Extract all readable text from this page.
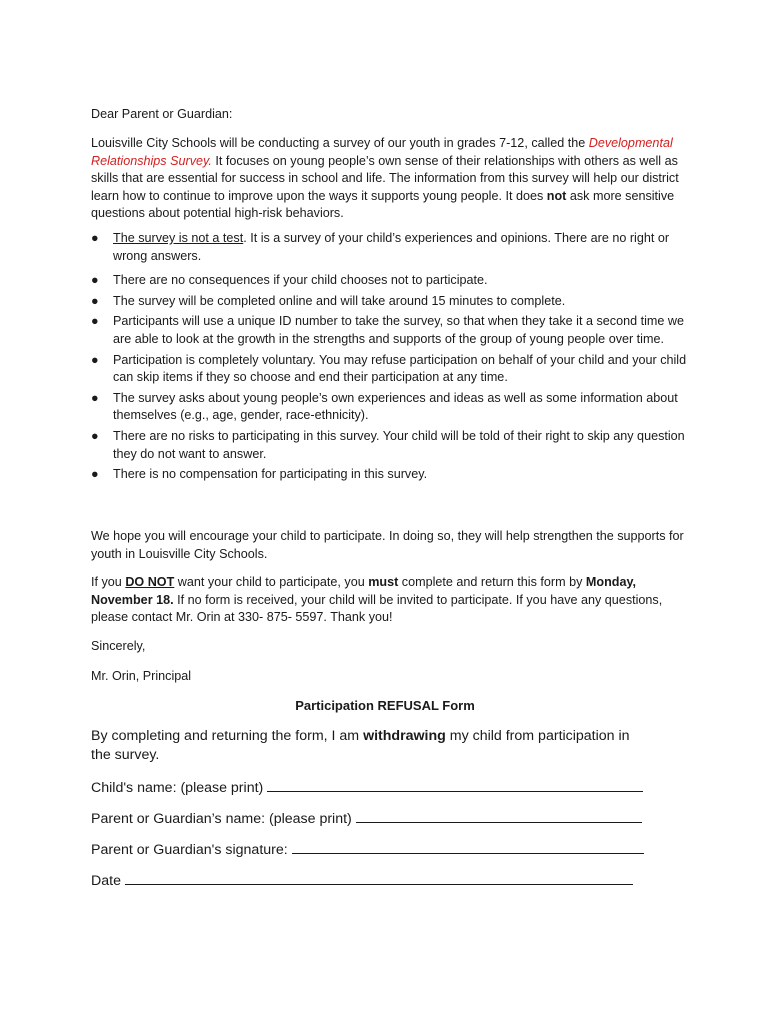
Dear Parent or Guardian:

Louisville City Schools will be conducting a survey of our youth in grades 7-12, called the Developmental Relationships Survey. It focuses on young people’s own sense of their relationships with others as well as skills that are essential for success in school and life. The information from this survey will help our district learn how to continue to improve upon the ways it supports young people. It does not ask more sensitive questions about potential high-risk behaviors.

●	The survey is not a test. It is a survey of your child’s experiences and opinions. There are no right or wrong answers.
●	There are no consequences if your child chooses not to participate.
●	The survey will be completed online and will take around 15 minutes to complete.
●	Participants will use a unique ID number to take the survey, so that when they take it a second time we are able to look at the growth in the strengths and supports of the group of young people over time.
●	Participation is completely voluntary. You may refuse participation on behalf of your child and your child can skip items if they so choose and end their participation at any time.
●	The survey asks about young people’s own experiences and ideas as well as some information about themselves (e.g., age, gender, race-ethnicity).
●	There are no risks to participating in this survey. Your child will be told of their right to skip any question they do not want to answer.
●	There is no compensation for participating in this survey.

We hope you will encourage your child to participate. In doing so, they will help strengthen the supports for youth in Louisville City Schools.

If you DO NOT want your child to participate, you must complete and return this form by Monday, November 18. If no form is received, your child will be invited to participate. If you have any questions, please contact Mr. Orin at 330- 875- 5597. Thank you!

Sincerely,

Mr. Orin, Principal

Participation REFUSAL Form

By completing and returning the form, I am withdrawing my child from participation in the survey.

Child's name: (please print)
Parent or Guardian’s name: (please print)
Parent or Guardian's signature:
Date
